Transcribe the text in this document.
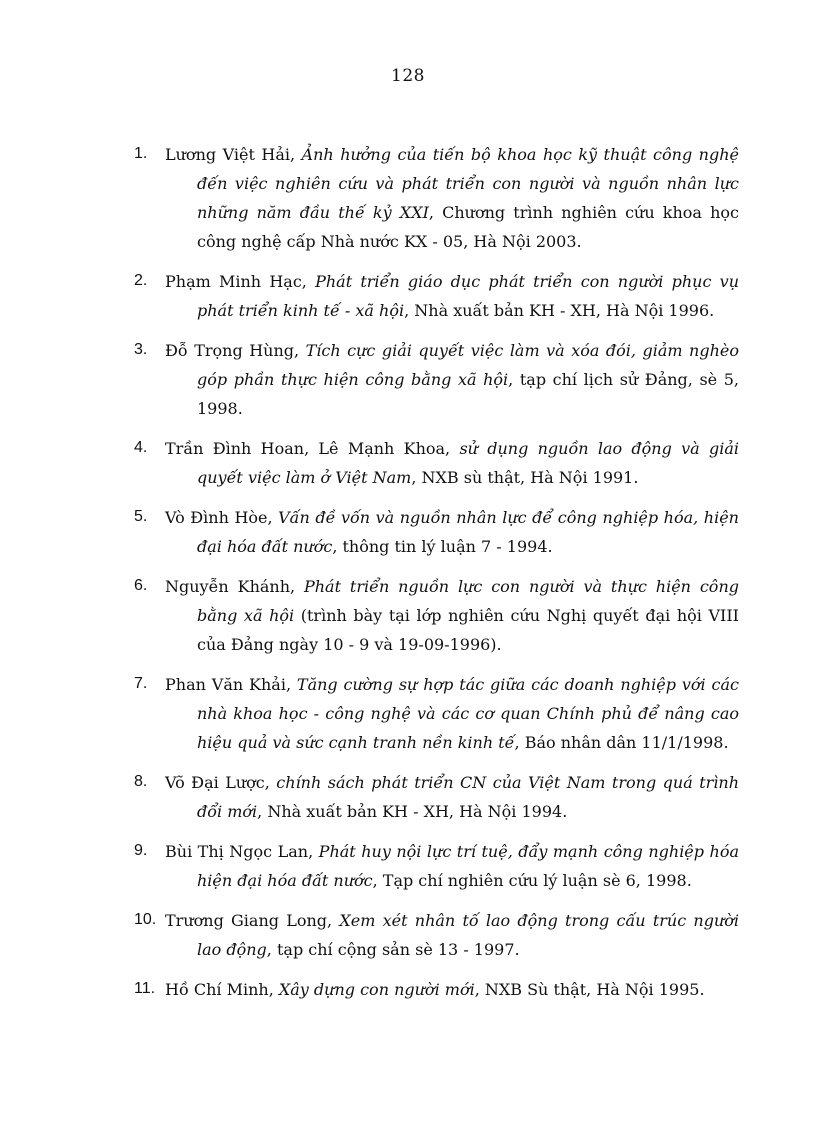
128
1. Lương Việt Hải, Ảnh hưởng của tiến bộ khoa học kỹ thuật công nghệ đến việc nghiên cứu và phát triển con người và nguồn nhân lực những năm đầu thế kỷ XXI, Chương trình nghiên cứu khoa học công nghệ cấp Nhà nước KX - 05, Hà Nội 2003.
2. Phạm Minh Hạc, Phát triển giáo dục phát triển con người phục vụ phát triển kinh tế - xã hội, Nhà xuất bản KH - XH, Hà Nội 1996.
3. Đỗ Trọng Hùng, Tích cực giải quyết việc làm và xóa đói, giảm nghèo góp phần thực hiện công bằng xã hội, tạp chí lịch sử Đảng, sè 5, 1998.
4. Trần Đình Hoan, Lê Mạnh Khoa, sử dụng nguồn lao động và giải quyết việc làm ở Việt Nam, NXB sù thật, Hà Nội 1991.
5. Vò Đình Hòe, Vấn đề vốn và nguồn nhân lực để công nghiệp hóa, hiện đại hóa đất nước, thông tin lý luận 7 - 1994.
6. Nguyễn Khánh, Phát triển nguồn lực con người và thực hiện công bằng xã hội (trình bày tại lớp nghiên cứu Nghị quyết đại hội VIII của Đảng ngày 10 - 9 và 19-09-1996).
7. Phan Văn Khải, Tăng cường sự hợp tác giữa các doanh nghiệp với các nhà khoa học - công nghệ và các cơ quan Chính phủ để nâng cao hiệu quả và sức cạnh tranh nền kinh tế, Báo nhân dân 11/1/1998.
8. Võ Đại Lược, chính sách phát triển CN của Việt Nam trong quá trình đổi mới, Nhà xuất bản KH - XH, Hà Nội 1994.
9. Bùi Thị Ngọc Lan, Phát huy nội lực trí tuệ, đẩy mạnh công nghiệp hóa hiện đại hóa đất nước, Tạp chí nghiên cứu lý luận sè 6, 1998.
10. Trương Giang Long, Xem xét nhân tố lao động trong cấu trúc người lao động, tạp chí cộng sản sè 13 - 1997.
11. Hồ Chí Minh, Xây dựng con người mới, NXB Sù thật, Hà Nội 1995.
